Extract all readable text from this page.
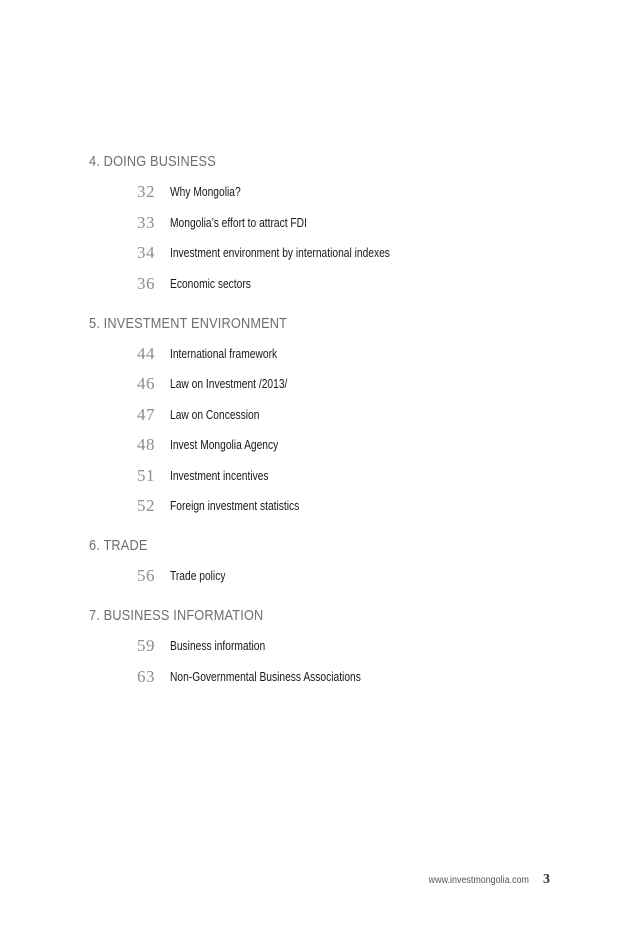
4. DOING BUSINESS
32 Why Mongolia?
33 Mongolia’s effort to attract FDI
34 Investment environment by international indexes
36 Economic sectors
5. INVESTMENT ENVIRONMENT
44 International framework
46 Law on Investment /2013/
47 Law on Concession
48 Invest Mongolia Agency
51 Investment incentives
52 Foreign investment statistics
6. TRADE
56 Trade policy
7. BUSINESS INFORMATION
59 Business information
63 Non-Governmental Business Associations
www.investmongolia.com 3
